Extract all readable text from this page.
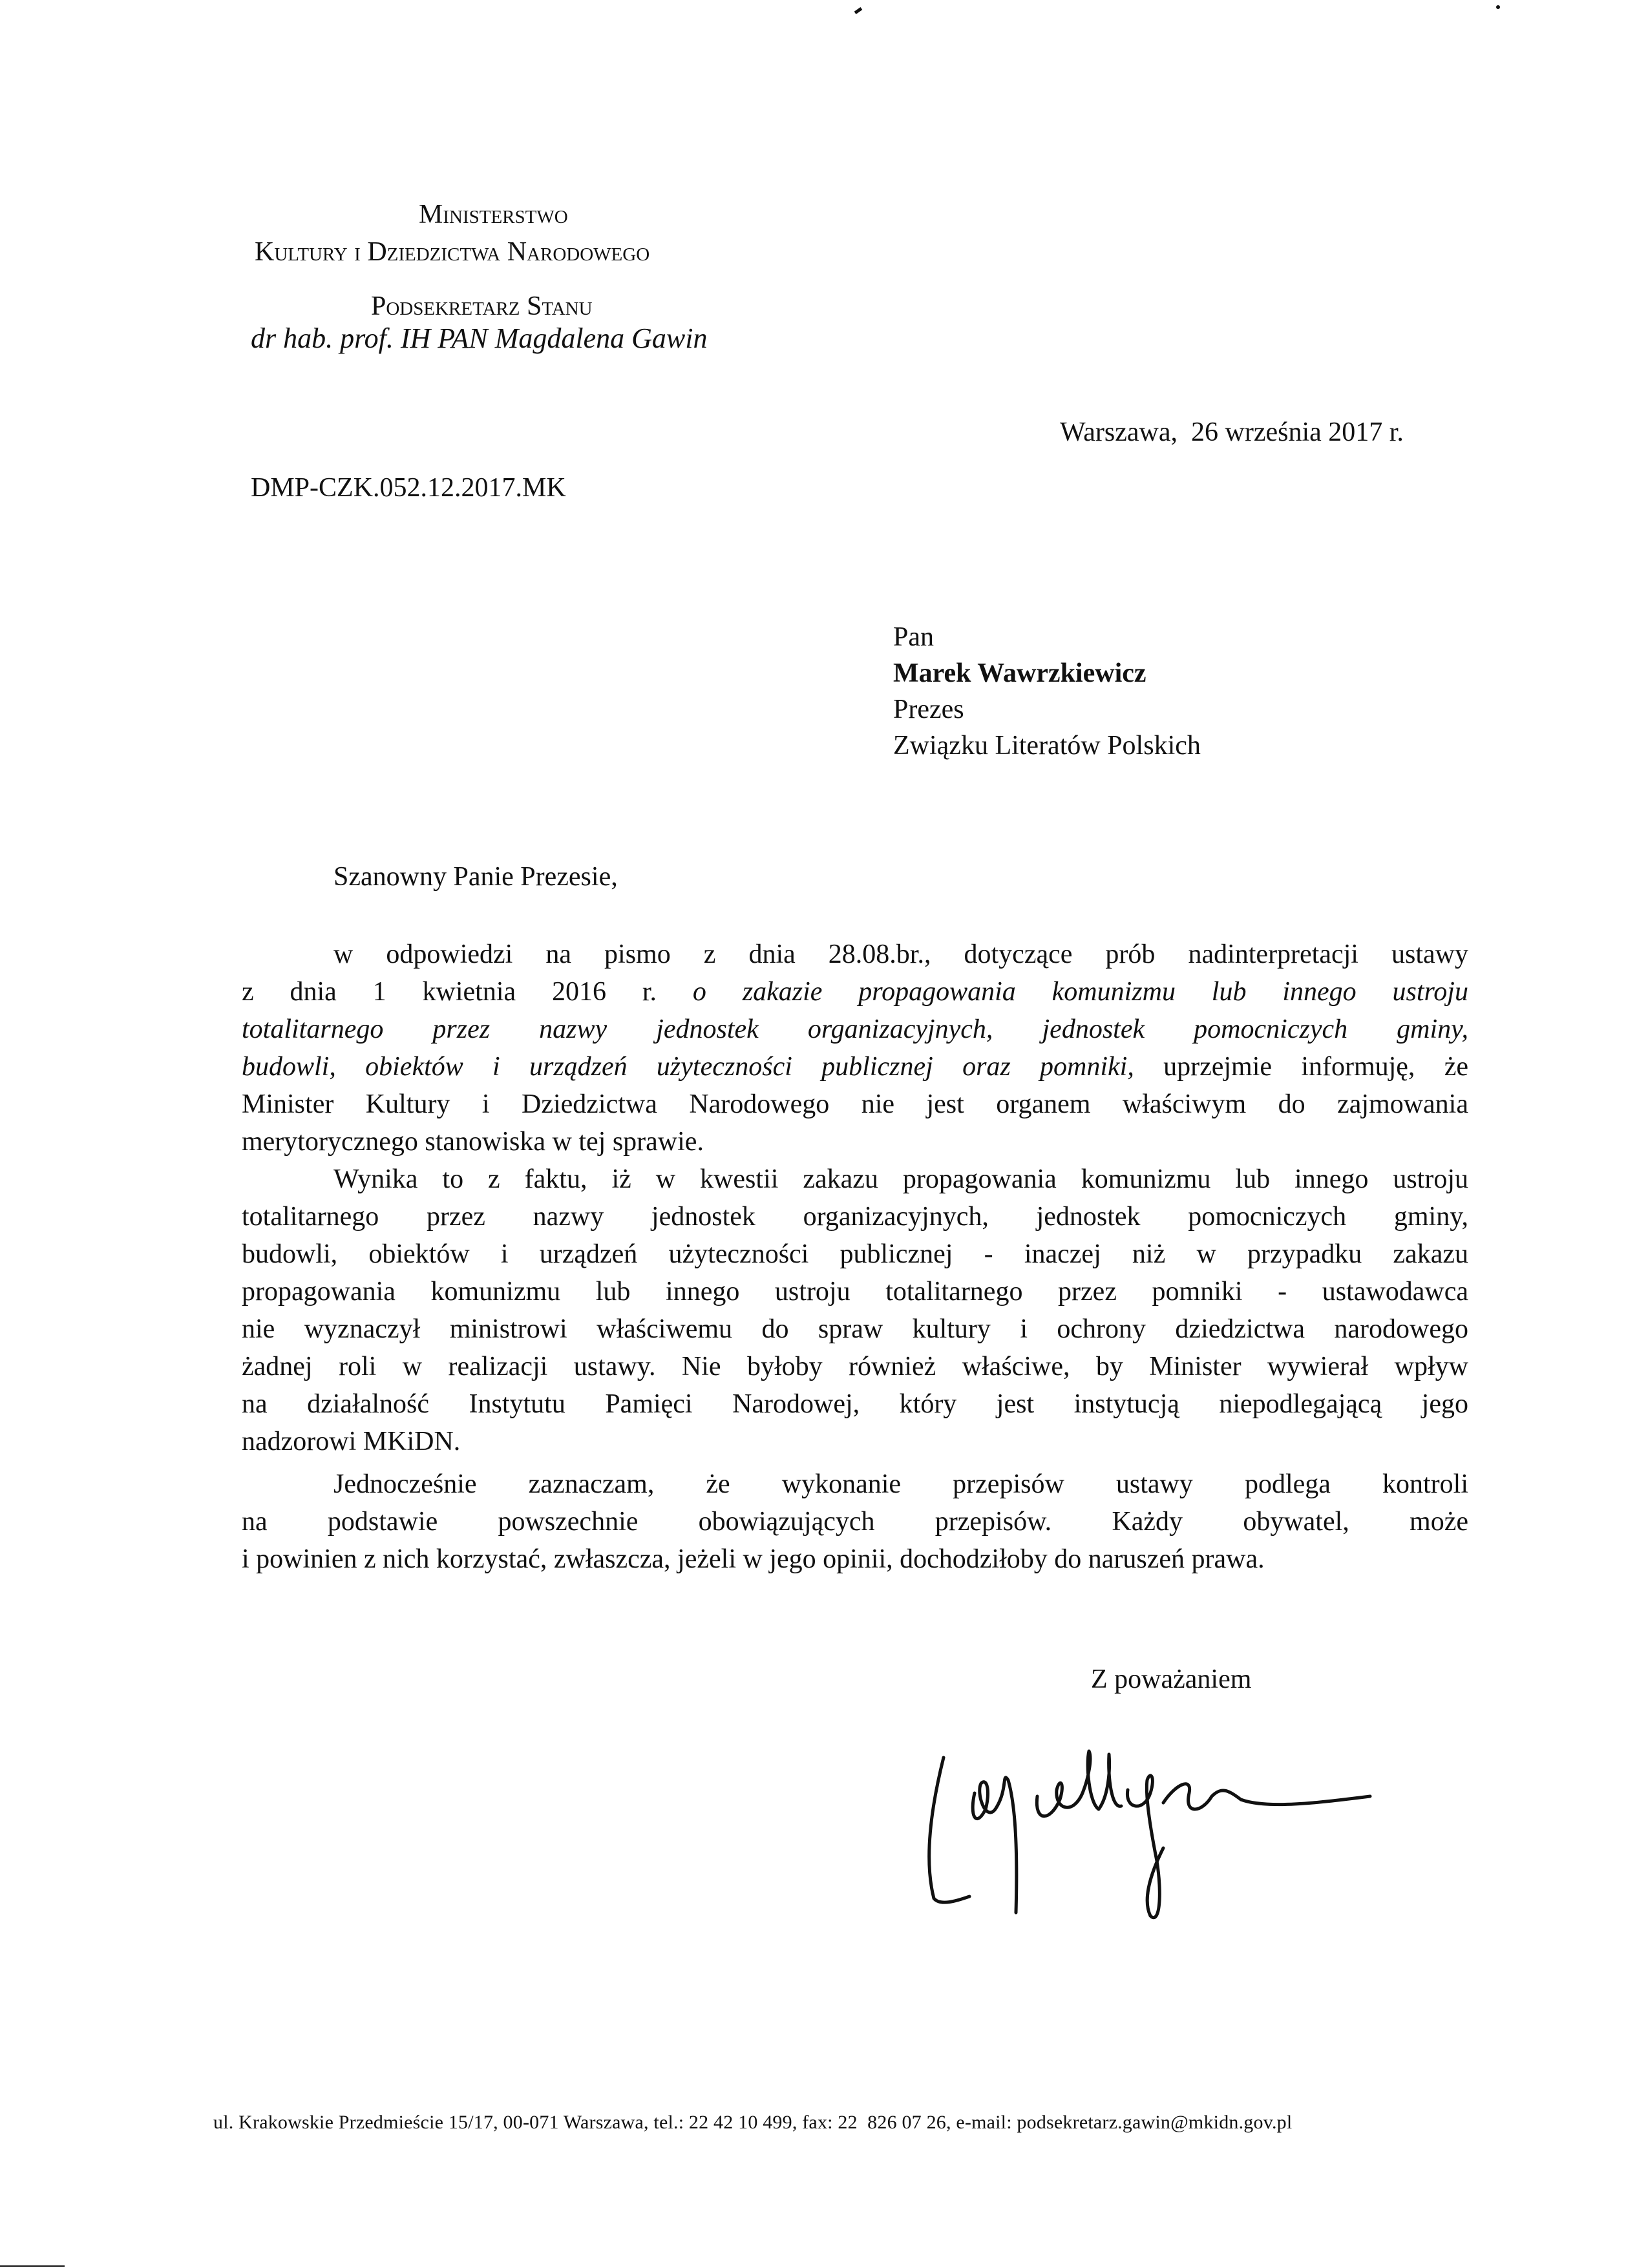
Ministerstwo
Kultury i Dziedzictwa Narodowego
Podsekretarz Stanu
dr hab. prof. IH PAN Magdalena Gawin
Warszawa,  26 września 2017 r.
DMP-CZK.052.12.2017.MK
Pan
Marek Wawrzkiewicz
Prezes
Związku Literatów Polskich
Szanowny Panie Prezesie,
w odpowiedzi na pismo z dnia 28.08.br., dotyczące prób nadinterpretacji ustawy
z dnia 1 kwietnia 2016 r. o zakazie propagowania komunizmu lub innego ustroju
totalitarnego przez nazwy jednostek organizacyjnych, jednostek pomocniczych gminy,
budowli, obiektów i urządzeń użyteczności publicznej oraz pomniki, uprzejmie informuję, że
Minister Kultury i Dziedzictwa Narodowego nie jest organem właściwym do zajmowania
merytorycznego stanowiska w tej sprawie.
Wynika to z faktu, iż w kwestii zakazu propagowania komunizmu lub innego ustroju
totalitarnego przez nazwy jednostek organizacyjnych, jednostek pomocniczych gminy,
budowli, obiektów i urządzeń użyteczności publicznej - inaczej niż w przypadku zakazu
propagowania komunizmu lub innego ustroju totalitarnego przez pomniki - ustawodawca
nie wyznaczył ministrowi właściwemu do spraw kultury i ochrony dziedzictwa narodowego
żadnej roli w realizacji ustawy. Nie byłoby również właściwe, by Minister wywierał wpływ
na działalność Instytutu Pamięci Narodowej, który jest instytucją niepodlegającą jego
nadzorowi MKiDN.
Jednocześnie zaznaczam, że wykonanie przepisów ustawy podlega kontroli
na podstawie powszechnie obowiązujących przepisów. Każdy obywatel, może
i powinien z nich korzystać, zwłaszcza, jeżeli w jego opinii, dochodziłoby do naruszeń prawa.
Z poważaniem
ul. Krakowskie Przedmieście 15/17, 00-071 Warszawa, tel.: 22 42 10 499, fax: 22  826 07 26, e-mail: podsekretarz.gawin@mkidn.gov.pl
